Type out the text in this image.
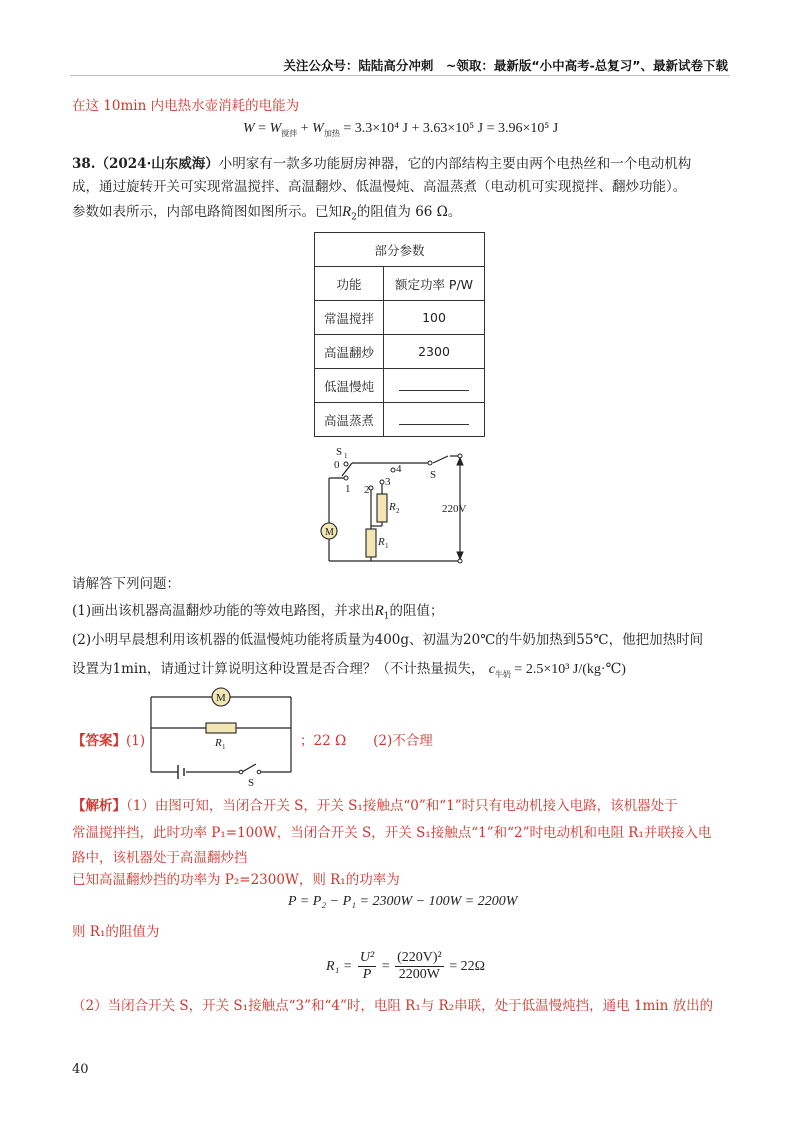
关注公众号：陆陆高分冲刺　~领取：最新版“小中高考-总复习”、最新试卷下载
在这 10min 内电热水壶消耗的电能为
$W = W_{搅拌} + W_{加热} = 3.3\times 10^4$ J + 3.63×10⁵ J = 3.96×10⁵ J
38.（2024·山东威海）小明家有一款多功能厨房神器，它的内部结构主要由两个电热丝和一个电动机构
成，通过旋转开关可实现常温搅拌、高温翻炒、低温慢炖、高温蒸煮（电动机可实现搅拌、翻炒功能）。
参数如表所示，内部电路简图如图所示。已知$R_2$的阻值为 66 Ω。
部分参数	
功能	额定功率 P/W
常温搅拌	100
高温翻炒	2300
低温慢炖	
高温蒸煮	
S 1
S
0
1 2
3
4
R 2
R 1
M
220V
请解答下列问题：
(1)画出该机器高温翻炒功能的等效电路图，并求出$R_1$的阻值；
(2)小明早晨想利用该机器的低温慢炖功能将质量为400g、初温为20℃的牛奶加热到55℃，他把加热时间
设置为1min，请通过计算说明这种设置是否合理？（不计热量损失， $c_{牛奶} = 2.5\times 10^3$ J/(kg·℃)
【答案】(1)
M
R 1
S
；22 Ω　　(2)不合理
【解析】（1）由图可知，当闭合开关 S，开关 S₁接触点“0”和“1”时只有电动机接入电路，该机器处于
常温搅拌挡，此时功率 P₁=100W，当闭合开关 S，开关 S₁接触点“1”和“2”时电动机和电阻 R₁并联接入电
路中，该机器处于高温翻炒挡
已知高温翻炒挡的功率为 P₂=2300W，则 R₁的功率为
P = P₂ − P₁ = 2300W − 100W = 2200W
则 R₁的阻值为
$R_1 = \frac{\text{U²}}{P} = \frac{\text{(220V)²}}{2200W} = 22\Omega$
（2）当闭合开关 S，开关 S₁接触点“3”和“4”时，电阻 R₁与 R₂串联，处于低温慢炖挡，通电 1min 放出的
40
